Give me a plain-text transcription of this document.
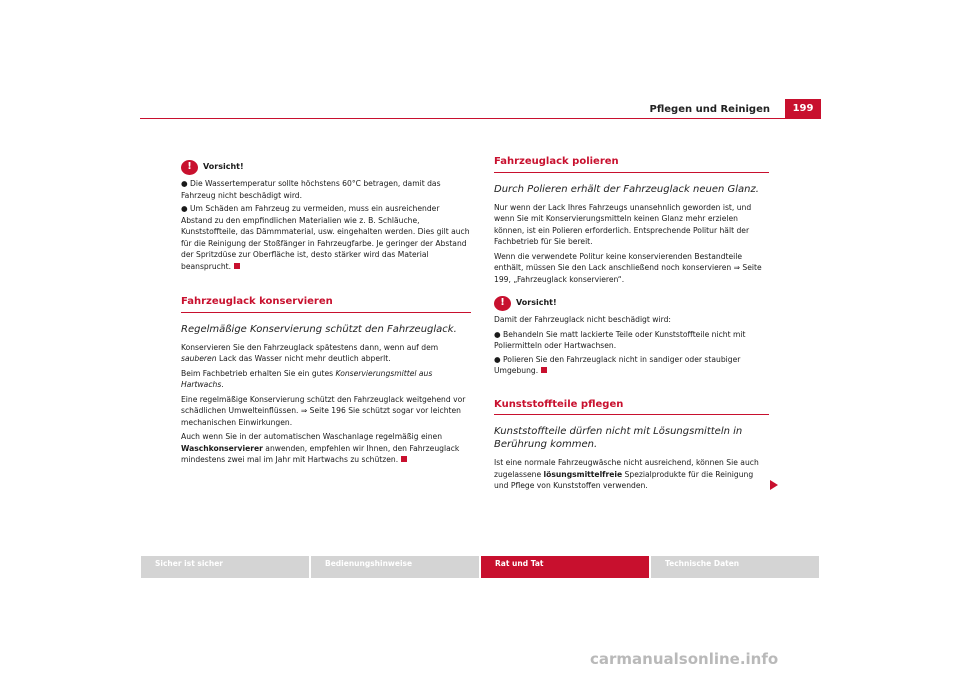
Pflegen und Reinigen	199
!	Vorsicht!

● Die Wassertemperatur sollte höchstens 60°C betragen, damit das Fahrzeug nicht beschädigt wird.

● Um Schäden am Fahrzeug zu vermeiden, muss ein ausreichender Abstand zu den empfindlichen Materialien wie z. B. Schläuche, Kunststoffteile, das Dämmmaterial, usw. eingehalten werden. Dies gilt auch für die Reinigung der Stoßfänger in Fahrzeugfarbe. Je geringer der Abstand der Spritzdüse zur Oberfläche ist, desto stärker wird das Material beansprucht.

Fahrzeuglack konservieren
Regelmäßige Konservierung schützt den Fahrzeuglack.

Konservieren Sie den Fahrzeuglack spätestens dann, wenn auf dem sauberen Lack das Wasser nicht mehr deutlich abperlt.

Beim Fachbetrieb erhalten Sie ein gutes Konservierungsmittel aus Hartwachs.

Eine regelmäßige Konservierung schützt den Fahrzeuglack weitgehend vor schädlichen Umwelteinflüssen. ⇒ Seite 196 Sie schützt sogar vor leichten mechanischen Einwirkungen.

Auch wenn Sie in der automatischen Waschanlage regelmäßig einen Waschkonservierer anwenden, empfehlen wir Ihnen, den Fahrzeuglack mindestens zwei mal im Jahr mit Hartwachs zu schützen.

Fahrzeuglack polieren
Durch Polieren erhält der Fahrzeuglack neuen Glanz.

Nur wenn der Lack Ihres Fahrzeugs unansehnlich geworden ist, und wenn Sie mit Konservierungsmitteln keinen Glanz mehr erzielen können, ist ein Polieren erforderlich. Entsprechende Politur hält der Fachbetrieb für Sie bereit.

Wenn die verwendete Politur keine konservierenden Bestandteile enthält, müssen Sie den Lack anschließend noch konservieren ⇒ Seite 199, „Fahrzeuglack konservieren“.

!	Vorsicht!

Damit der Fahrzeuglack nicht beschädigt wird:

● Behandeln Sie matt lackierte Teile oder Kunststoffteile nicht mit Poliermitteln oder Hartwachsen.

● Polieren Sie den Fahrzeuglack nicht in sandiger oder staubiger Umgebung.

Kunststoffteile pflegen
Kunststoffteile dürfen nicht mit Lösungsmitteln in Berührung kommen.

Ist eine normale Fahrzeugwäsche nicht ausreichend, können Sie auch zugelassene lösungsmittelfreie Spezialprodukte für die Reinigung und Pflege von Kunststoffen verwenden.

Sicher ist sicher	Bedienungshinweise	Rat und Tat	Technische Daten
carmanualsonline.info
